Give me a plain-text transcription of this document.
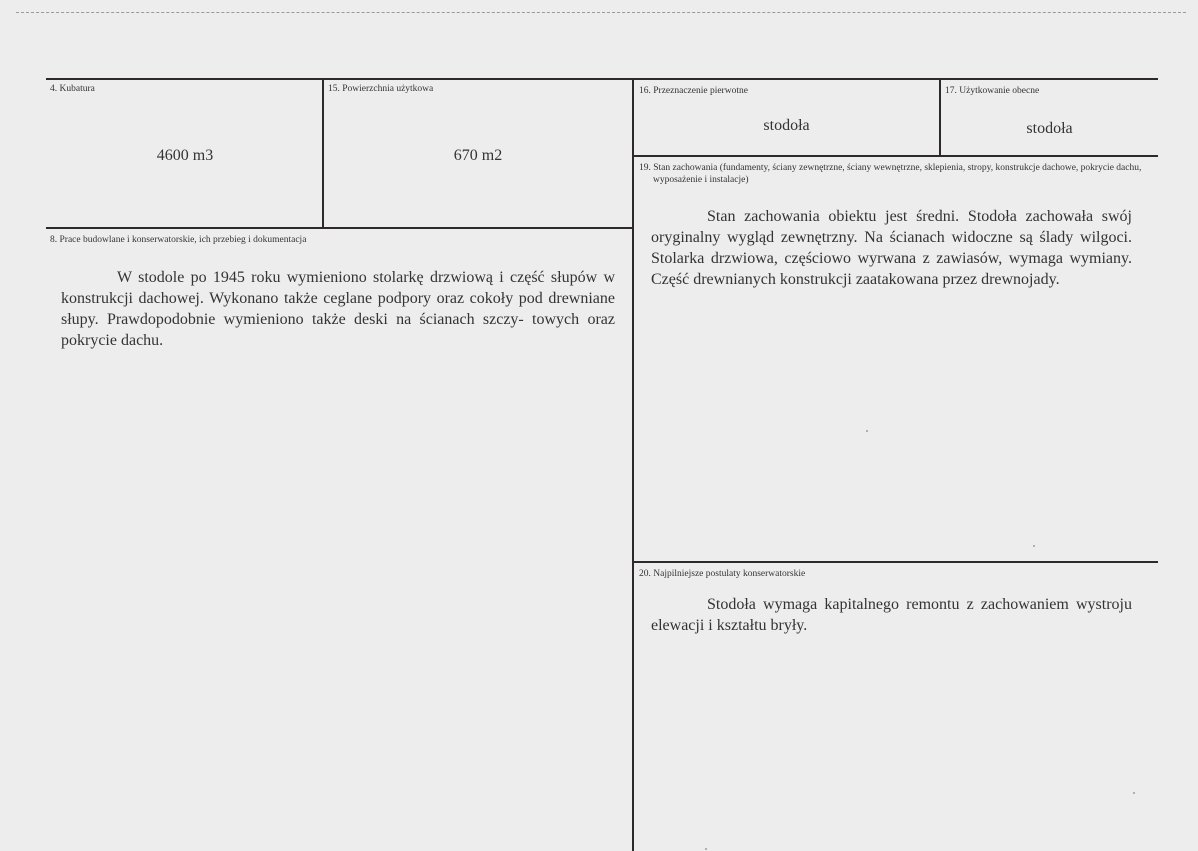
4. Kubatura
4600 m3
15. Powierzchnia użytkowa
670 m2
16. Przeznaczenie pierwotne
stodoła
17. Użytkowanie obecne
stodoła
8. Prace budowlane i konserwatorskie, ich przebieg i dokumentacja

W stodole po 1945 roku wymieniono stolarkę drzwiową i część słupów w konstrukcji dachowej. Wykonano także ceglane podpory oraz cokoły pod drewniane słupy. Prawdopodobnie wymieniono także deski na ścianach szczy- towych oraz pokrycie dachu.

19. Stan zachowania (fundamenty, ściany zewnętrzne, ściany wewnętrzne, sklepienia, stropy, konstrukcje dachowe, pokrycie dachu, wyposażenie i instalacje)

Stan zachowania obiektu jest średni. Stodoła zachowała swój oryginalny wygląd zewnętrzny. Na ścianach widoczne są ślady wilgoci. Stolarka drzwiowa, częściowo wyrwana z zawiasów, wymaga wymiany. Część drewnianych konstrukcji zaatakowana przez drewnojady.

20. Najpilniejsze postulaty konserwatorskie

Stodoła wymaga kapitalnego remontu z zachowaniem wystroju elewacji i kształtu bryły.
